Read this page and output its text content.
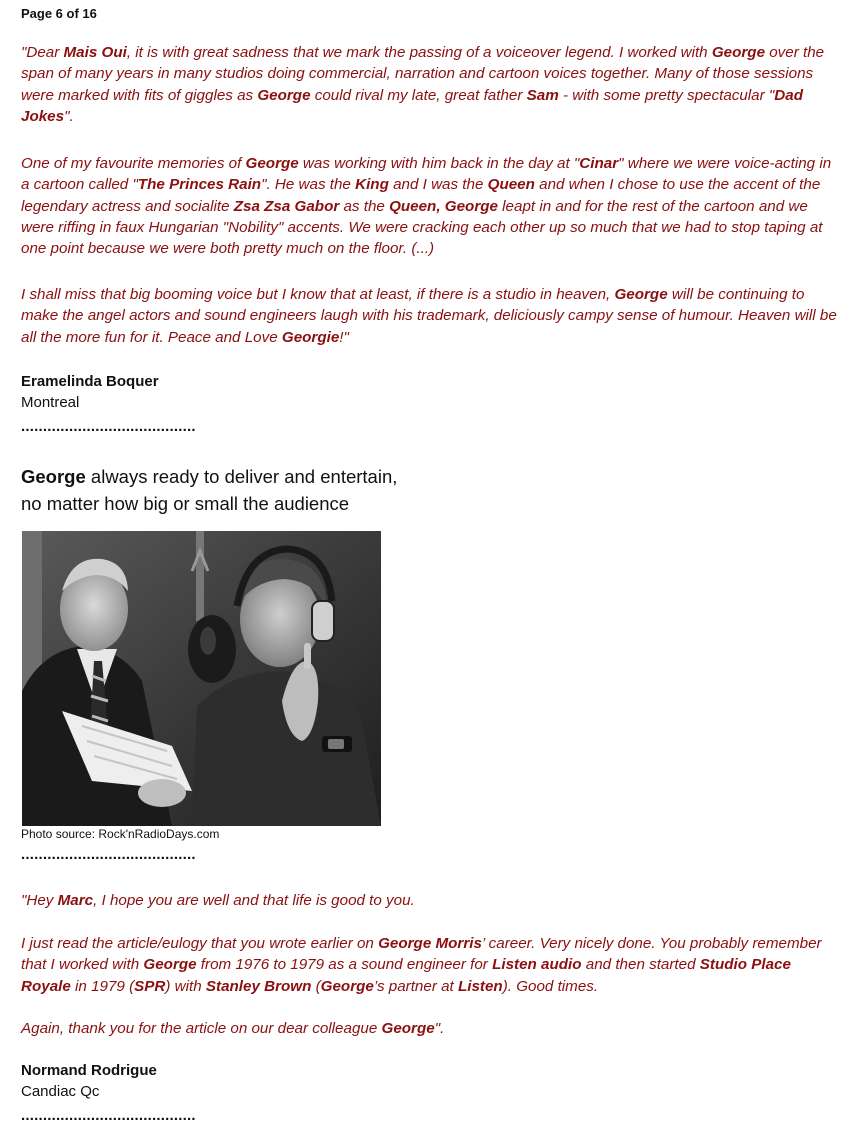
Page 6 of 16

"Dear Mais Oui, it is with great sadness that we mark the passing of a voiceover legend. I worked with George over the span of many years in many studios doing commercial, narration and cartoon voices together. Many of those sessions were marked with fits of giggles as George could rival my late, great father Sam - with some pretty spectacular "Dad Jokes".

One of my favourite memories of George was working with him back in the day at "Cinar" where we were voice-acting in a cartoon called "The Princes Rain". He was the King and I was the Queen and when I chose to use the accent of the legendary actress and socialite Zsa Zsa Gabor as the Queen, George leapt in and for the rest of the cartoon and we were riffing in faux Hungarian "Nobility" accents. We were cracking each other up so much that we had to stop taping at one point because we were both pretty much on the floor. (...)

I shall miss that big booming voice but I know that at least, if there is a studio in heaven, George will be continuing to make the angel actors and sound engineers laugh with his trademark, deliciously campy sense of humour. Heaven will be all the more fun for it. Peace and Love Georgie!"

Eramelinda Boquer

Montreal

........................................

George always ready to deliver and entertain,

no matter how big or small the audience

Photo source: Rock'nRadioDays.com

........................................

"Hey Marc, I hope you are well and that life is good to you.

I just read the article/eulogy that you wrote earlier on George Morris’ career. Very nicely done. You probably remember that I worked with George from 1976 to 1979 as a sound engineer for Listen audio and then started Studio Place Royale in 1979 (SPR) with Stanley Brown (George’s partner at Listen). Good times.

Again, thank you for the article on our dear colleague George".

Normand Rodrigue

Candiac Qc

........................................
